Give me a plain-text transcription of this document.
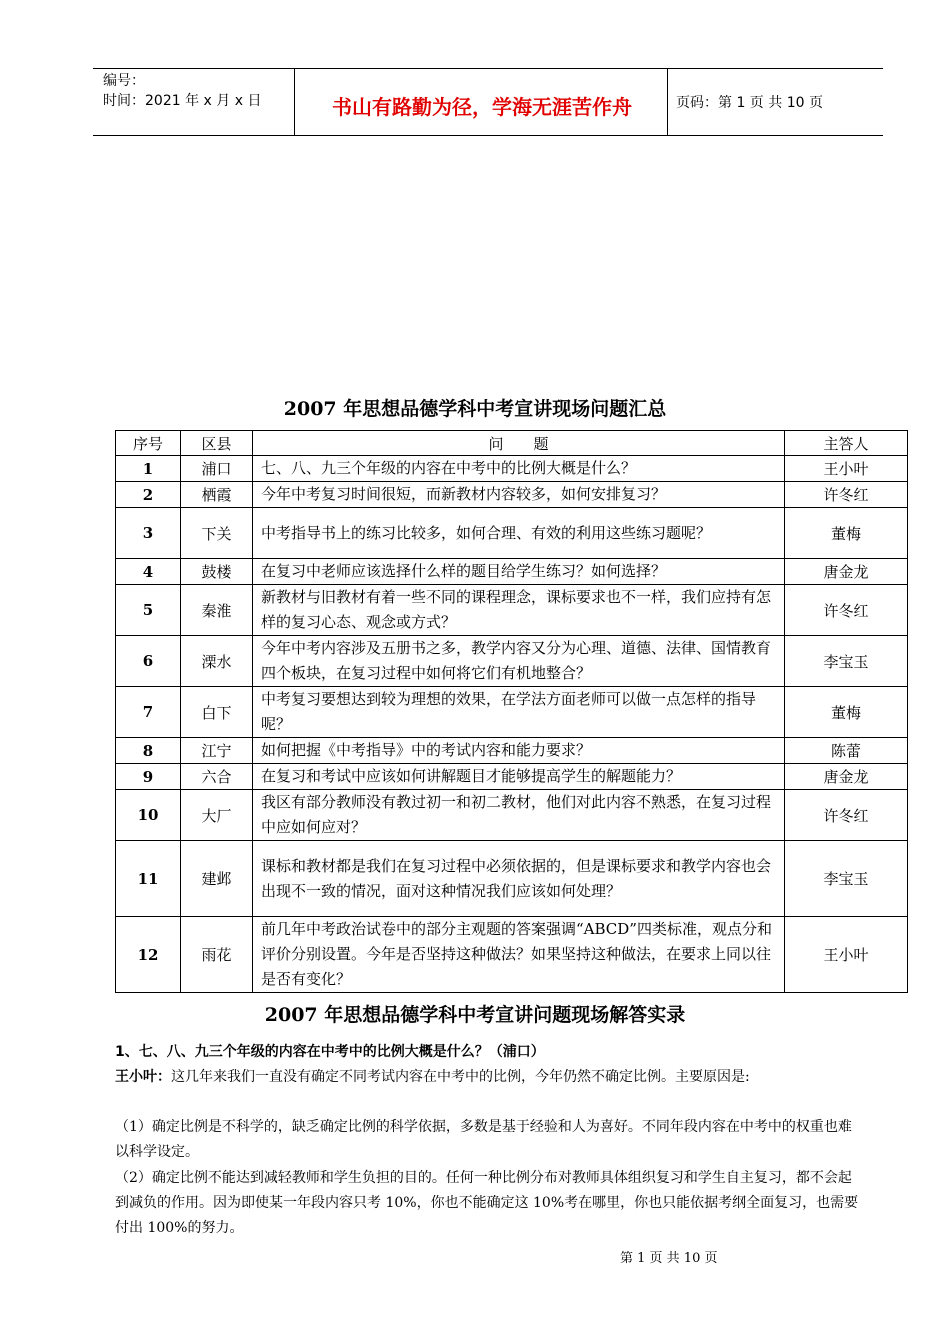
编号：
时间：2021 年 x 月 x 日	书山有路勤为径，学海无涯苦作舟	页码：第 1 页 共 10 页
2007 年思想品德学科中考宣讲现场问题汇总
序号	区县	问　　题	主答人
1	浦口	七、八、九三个年级的内容在中考中的比例大概是什么？	王小叶
2	栖霞	今年中考复习时间很短，而新教材内容较多，如何安排复习？	许冬红
3	下关	中考指导书上的练习比较多，如何合理、有效的利用这些练习题呢？	董梅
4	鼓楼	在复习中老师应该选择什么样的题目给学生练习？如何选择？	唐金龙
5	秦淮	新教材与旧教材有着一些不同的课程理念，课标要求也不一样，我们应持有怎样的复习心态、观念或方式？	许冬红
6	溧水	今年中考内容涉及五册书之多，教学内容又分为心理、道德、法律、国情教育四个板块，在复习过程中如何将它们有机地整合？	李宝玉
7	白下	中考复习要想达到较为理想的效果，在学法方面老师可以做一点怎样的指导呢？	董梅
8	江宁	如何把握《中考指导》中的考试内容和能力要求？	陈蕾
9	六合	在复习和考试中应该如何讲解题目才能够提高学生的解题能力？	唐金龙
10	大厂	我区有部分教师没有教过初一和初二教材，他们对此内容不熟悉，在复习过程中应如何应对？	许冬红
11	建邺	课标和教材都是我们在复习过程中必须依据的，但是课标要求和教学内容也会出现不一致的情况，面对这种情况我们应该如何处理？	李宝玉
12	雨花	前几年中考政治试卷中的部分主观题的答案强调“ABCD”四类标准，观点分和评价分别设置。今年是否坚持这种做法？如果坚持这种做法，在要求上同以往是否有变化？	王小叶
2007 年思想品德学科中考宣讲问题现场解答实录
1、七、八、九三个年级的内容在中考中的比例大概是什么？（浦口）
王小叶：这几年来我们一直没有确定不同考试内容在中考中的比例，今年仍然不确定比例。主要原因是:
（1）确定比例是不科学的，缺乏确定比例的科学依据，多数是基于经验和人为喜好。不同年段内容在中考中的权重也难以科学设定。
（2）确定比例不能达到减轻教师和学生负担的目的。任何一种比例分布对教师具体组织复习和学生自主复习，都不会起到减负的作用。因为即使某一年段内容只考 10%，你也不能确定这 10%考在哪里，你也只能依据考纲全面复习，也需要付出 100%的努力。
第 1 页 共 10 页
